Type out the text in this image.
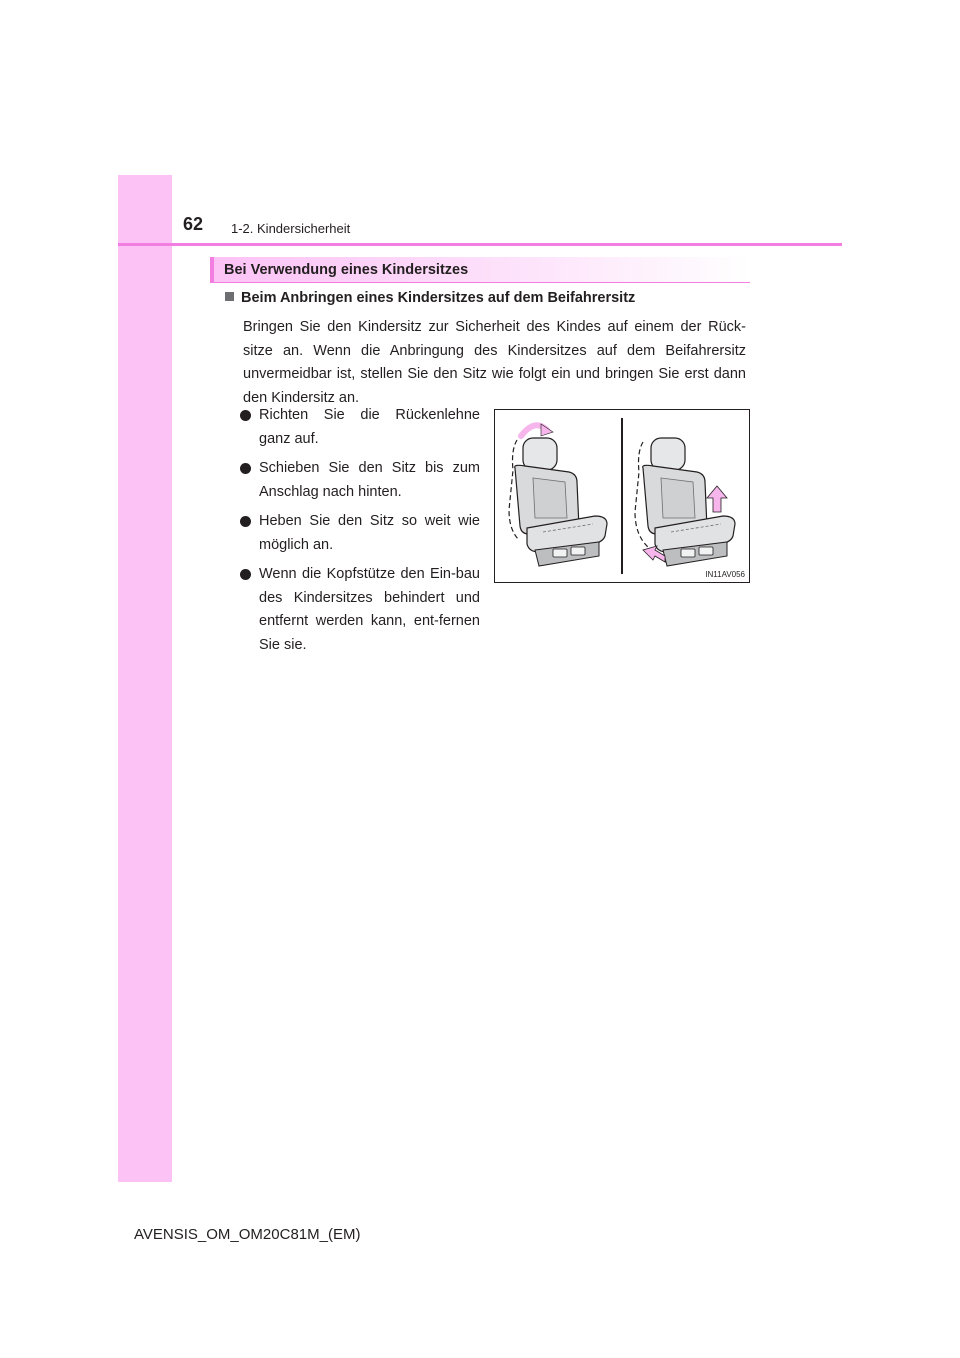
62 1-2. Kindersicherheit
Bei Verwendung eines Kindersitzes
Beim Anbringen eines Kindersitzes auf dem Beifahrersitz
Bringen Sie den Kindersitz zur Sicherheit des Kindes auf einem der Rück-sitze an. Wenn die Anbringung des Kindersitzes auf dem Beifahrersitz unvermeidbar ist, stellen Sie den Sitz wie folgt ein und bringen Sie erst dann den Kindersitz an.
Richten Sie die Rückenlehne ganz auf.
Schieben Sie den Sitz bis zum Anschlag nach hinten.
Heben Sie den Sitz so weit wie möglich an.
Wenn die Kopfstütze den Ein-bau des Kindersitzes behindert und entfernt werden kann, ent-fernen Sie sie.
IN11AV056
AVENSIS_OM_OM20C81M_(EM)
